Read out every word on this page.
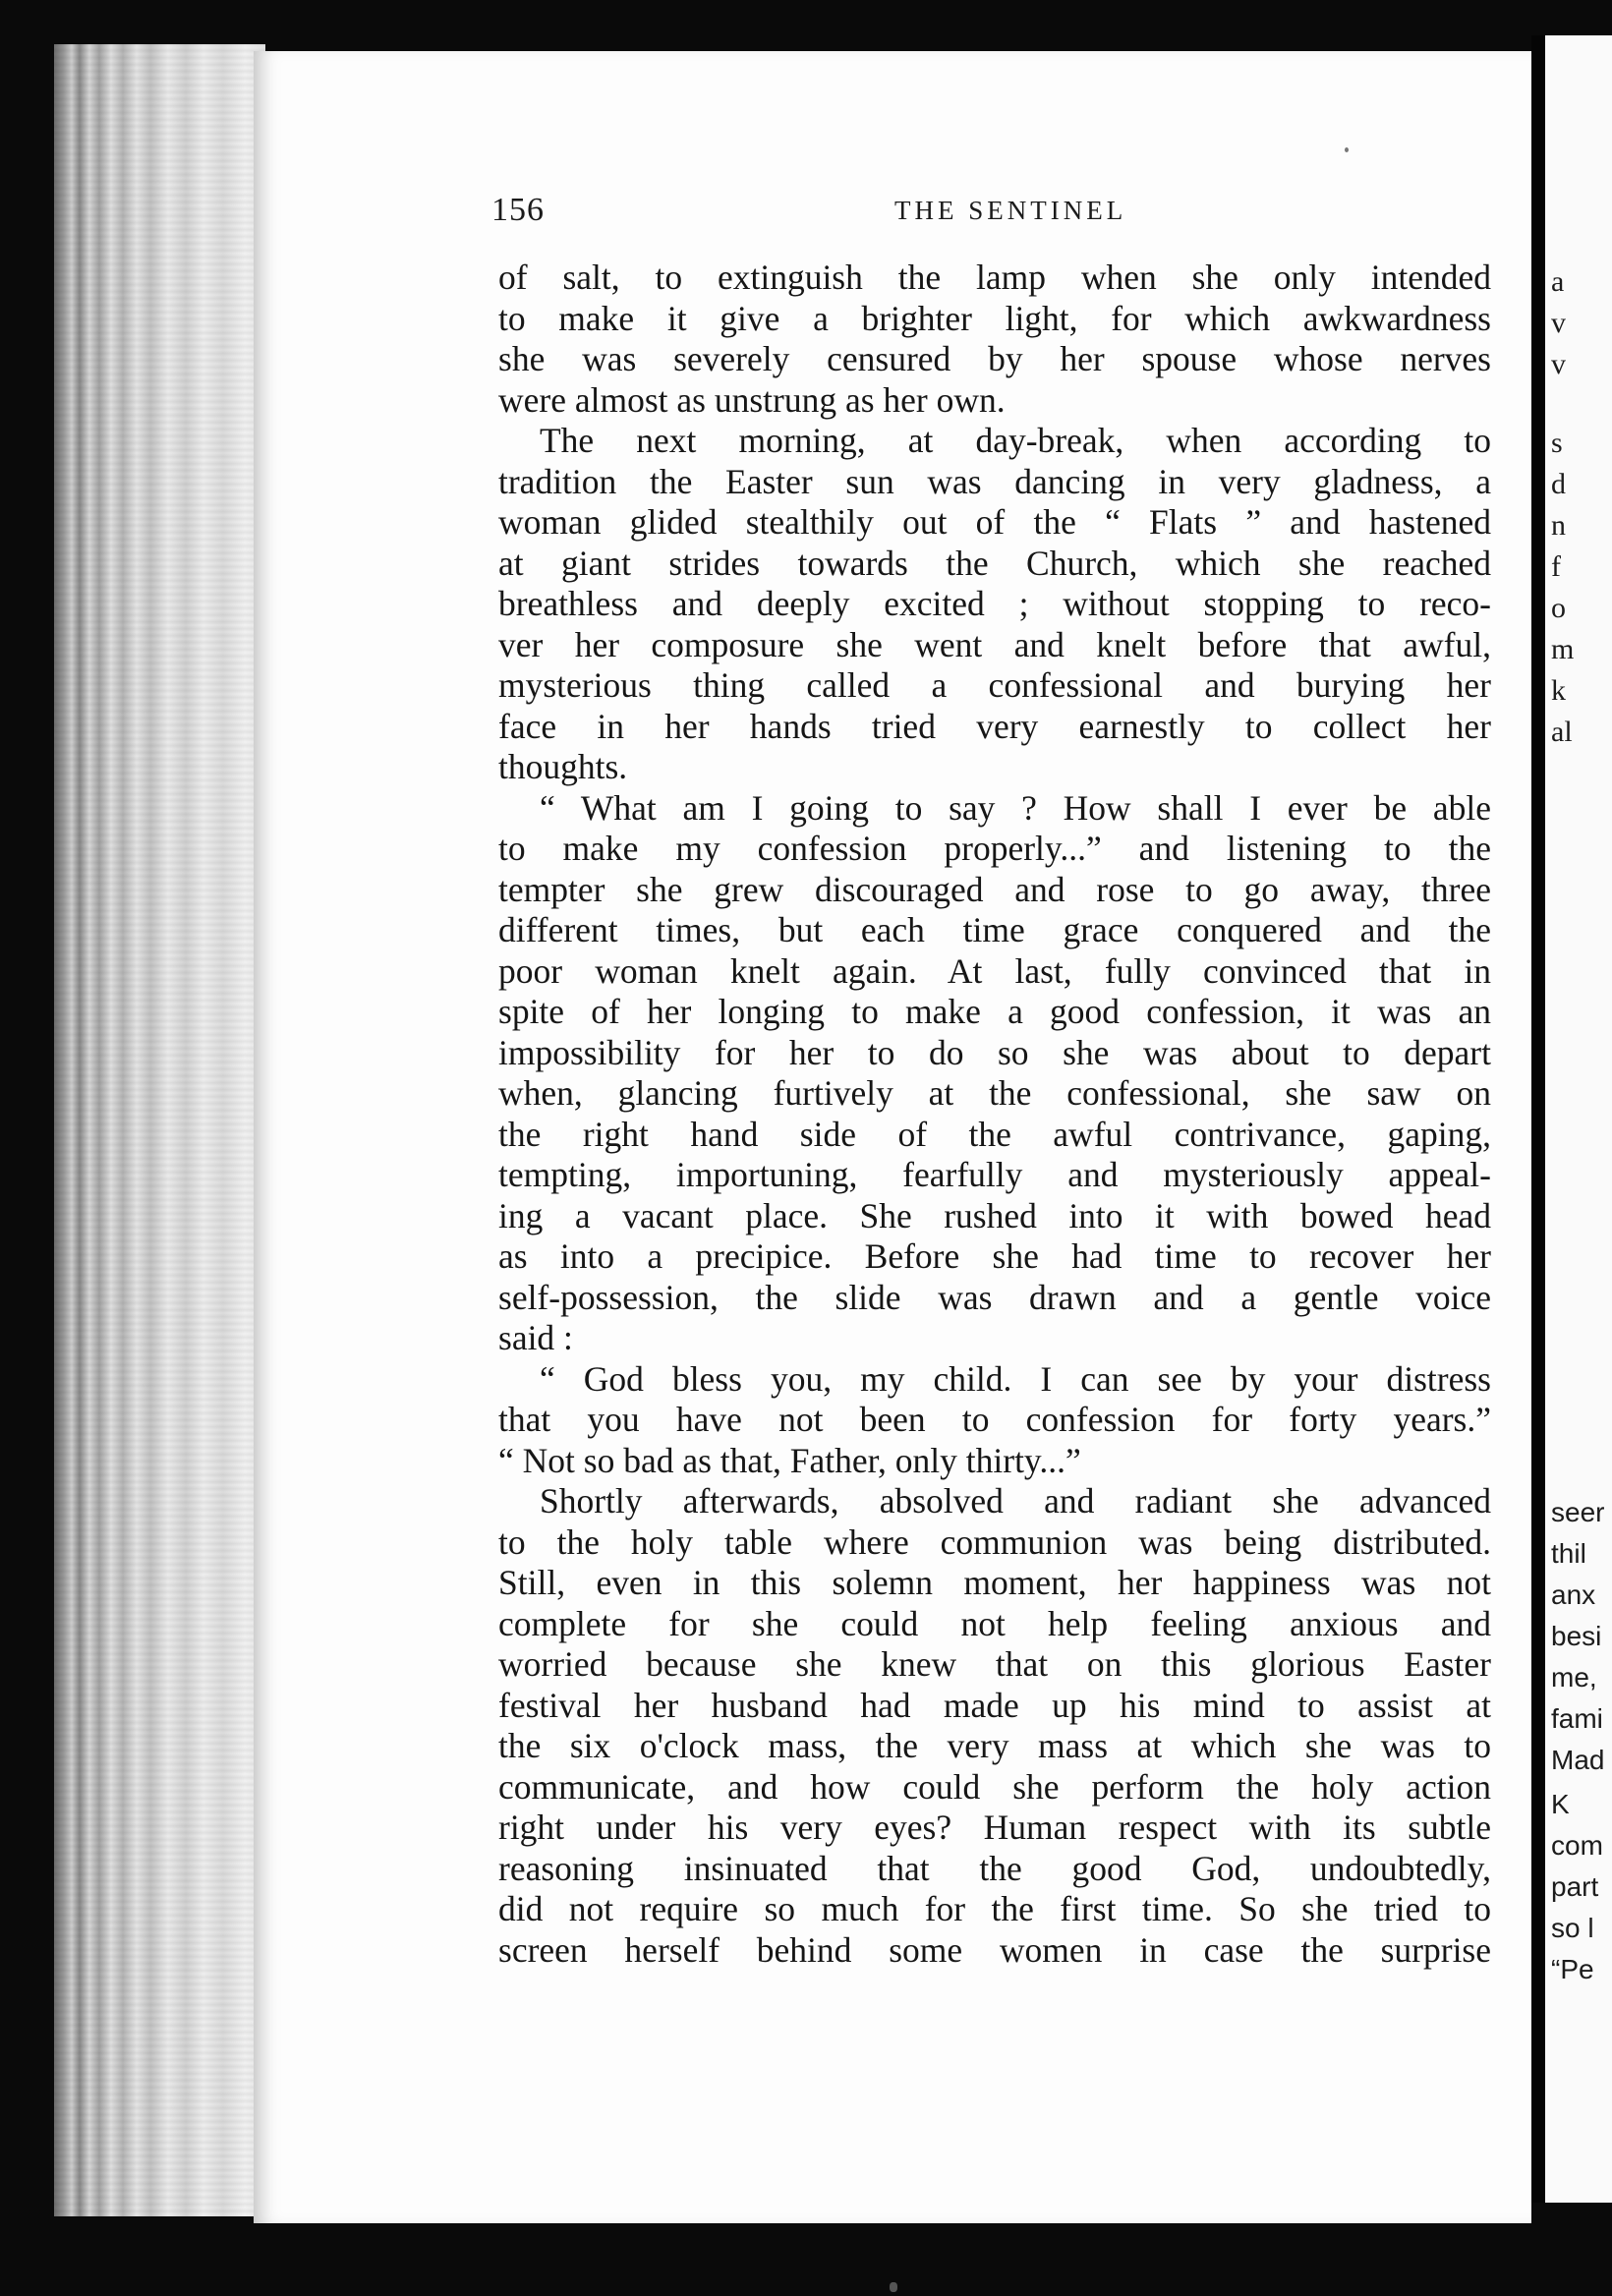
a
v
v
s
d
n
f
o
m
k
al
seer
thil
anx
besi
me,
fami
Mad
K
com
part
so l
“Pe
156	THE SENTINEL
of salt, to extinguish the lamp when she only intended
to make it give a brighter light, for which awkwardness
she was severely censured by her spouse whose nerves
were almost as unstrung as her own.
The next morning, at day-break, when according to
tradition the Easter sun was dancing in very gladness, a
woman glided stealthily out of the “ Flats ” and hastened
at giant strides towards the Church, which she reached
breathless and deeply excited ; without stopping to reco-
ver her composure she went and knelt before that awful,
mysterious thing called a confessional and burying her
face in her hands tried very earnestly to collect her
thoughts.
“ What am I going to say ? How shall I ever be able
to make my confession properly...” and listening to the
tempter she grew discouraged and rose to go away, three
different times, but each time grace conquered and the
poor woman knelt again. At last, fully convinced that in
spite of her longing to make a good confession, it was an
impossibility for her to do so she was about to depart
when, glancing furtively at the confessional, she saw on
the right hand side of the awful contrivance, gaping,
tempting, importuning, fearfully and mysteriously appeal-
ing a vacant place. She rushed into it with bowed head
as into a precipice. Before she had time to recover her
self-possession, the slide was drawn and a gentle voice
said :
“ God bless you, my child. I can see by your distress
that you have not been to confession for forty years.”
“ Not so bad as that, Father, only thirty...”
Shortly afterwards, absolved and radiant she advanced
to the holy table where communion was being distributed.
Still, even in this solemn moment, her happiness was not
complete for she could not help feeling anxious and
worried because she knew that on this glorious Easter
festival her husband had made up his mind to assist at
the six o'clock mass, the very mass at which she was to
communicate, and how could she perform the holy action
right under his very eyes? Human respect with its subtle
reasoning insinuated that the good God, undoubtedly,
did not require so much for the first time. So she tried to
screen herself behind some women in case the surprise
